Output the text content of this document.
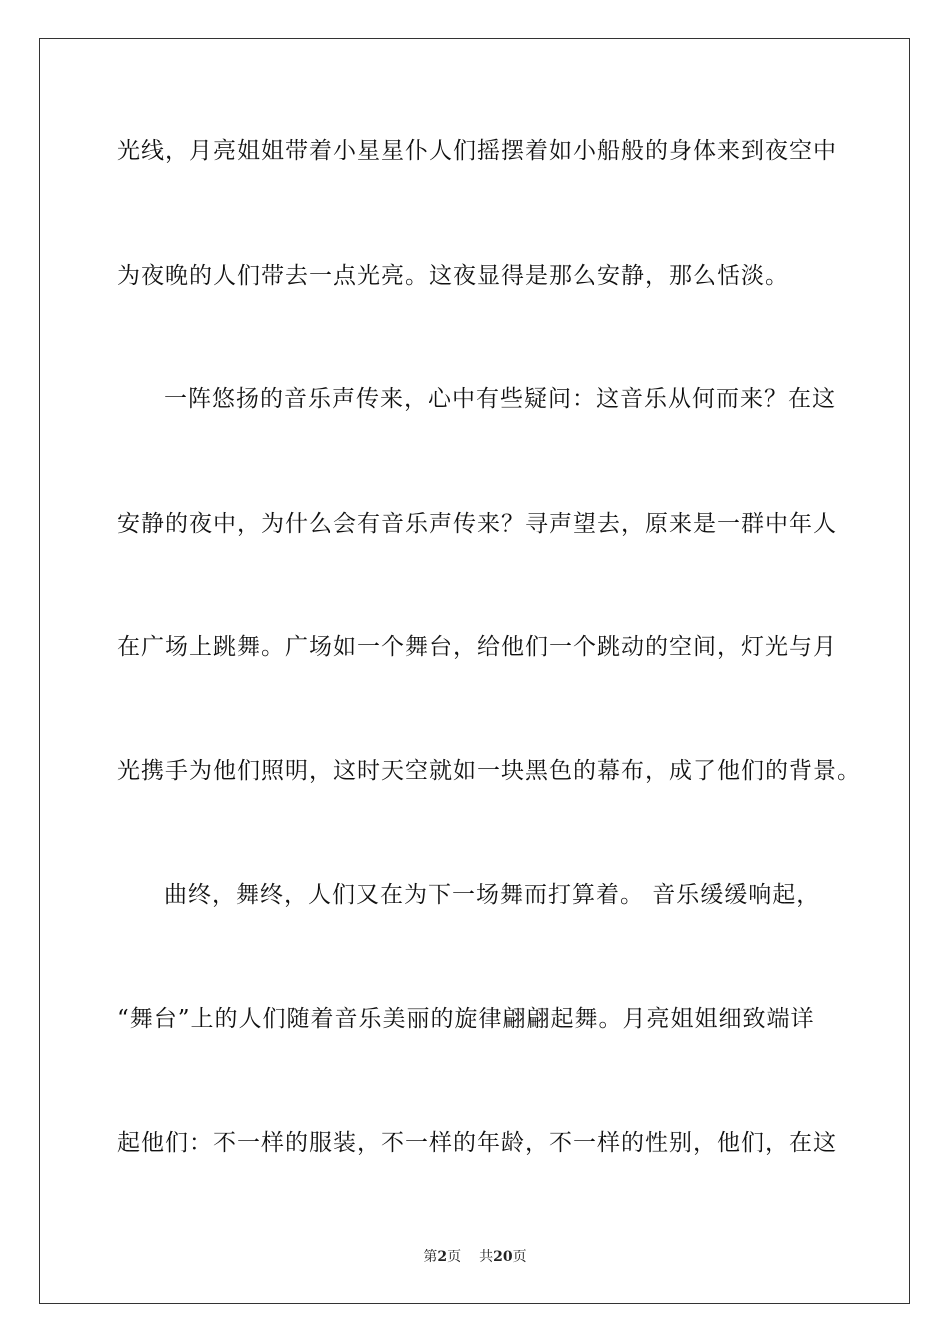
光线，月亮姐姐带着小星星仆人们摇摆着如小船般的身体来到夜空中
为夜晚的人们带去一点光亮。这夜显得是那么安静，那么恬淡。
一阵悠扬的音乐声传来，心中有些疑问：这音乐从何而来？在这
安静的夜中，为什么会有音乐声传来？寻声望去，原来是一群中年人
在广场上跳舞。广场如一个舞台，给他们一个跳动的空间，灯光与月
光携手为他们照明，这时天空就如一块黑色的幕布，成了他们的背景。
曲终，舞终，人们又在为下一场舞而打算着。 音乐缓缓响起，
“舞台”上的人们随着音乐美丽的旋律翩翩起舞。月亮姐姐细致端详
起他们：不一样的服装，不一样的年龄，不一样的性别，他们，在这
第2页 共20页
